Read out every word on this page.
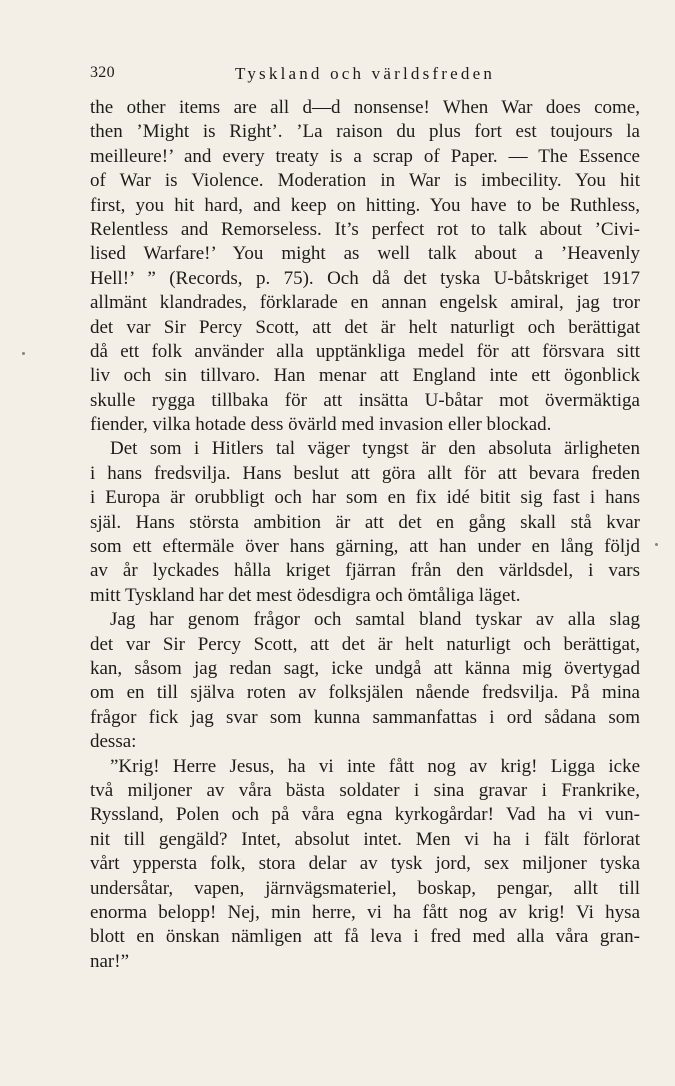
320	Tyskland och världsfreden
the other items are all d—d nonsense! When War does come,
then ’Might is Right’. ’La raison du plus fort est toujours la
meilleure!’ and every treaty is a scrap of Paper. — The Essence
of War is Violence. Moderation in War is imbecility. You hit
first, you hit hard, and keep on hitting. You have to be Ruthless,
Relentless and Remorseless. It’s perfect rot to talk about ’Civi-
lised Warfare!’ You might as well talk about a ’Heavenly
Hell!’ ” (Records, p. 75). Och då det tyska U-båtskriget 1917
allmänt klandrades, förklarade en annan engelsk amiral, jag tror
det var Sir Percy Scott, att det är helt naturligt och berättigat
då ett folk använder alla upptänkliga medel för att försvara sitt
liv och sin tillvaro. Han menar att England inte ett ögonblick
skulle rygga tillbaka för att insätta U-båtar mot övermäktiga
fiender, vilka hotade dess övärld med invasion eller blockad.
Det som i Hitlers tal väger tyngst är den absoluta ärligheten
i hans fredsvilja. Hans beslut att göra allt för att bevara freden
i Europa är orubbligt och har som en fix idé bitit sig fast i hans
själ. Hans största ambition är att det en gång skall stå kvar
som ett eftermäle över hans gärning, att han under en lång följd
av år lyckades hålla kriget fjärran från den världsdel, i vars
mitt Tyskland har det mest ödesdigra och ömtåliga läget.
Jag har genom frågor och samtal bland tyskar av alla slag
det var Sir Percy Scott, att det är helt naturligt och berättigat,
kan, såsom jag redan sagt, icke undgå att känna mig övertygad
om en till själva roten av folksjälen nående fredsvilja. På mina
frågor fick jag svar som kunna sammanfattas i ord sådana som
dessa:
”Krig! Herre Jesus, ha vi inte fått nog av krig! Ligga icke
två miljoner av våra bästa soldater i sina gravar i Frankrike,
Ryssland, Polen och på våra egna kyrkogårdar! Vad ha vi vun-
nit till gengäld? Intet, absolut intet. Men vi ha i fält förlorat
vårt yppersta folk, stora delar av tysk jord, sex miljoner tyska
undersåtar, vapen, järnvägsmateriel, boskap, pengar, allt till
enorma belopp! Nej, min herre, vi ha fått nog av krig! Vi hysa
blott en önskan nämligen att få leva i fred med alla våra gran-
nar!”
